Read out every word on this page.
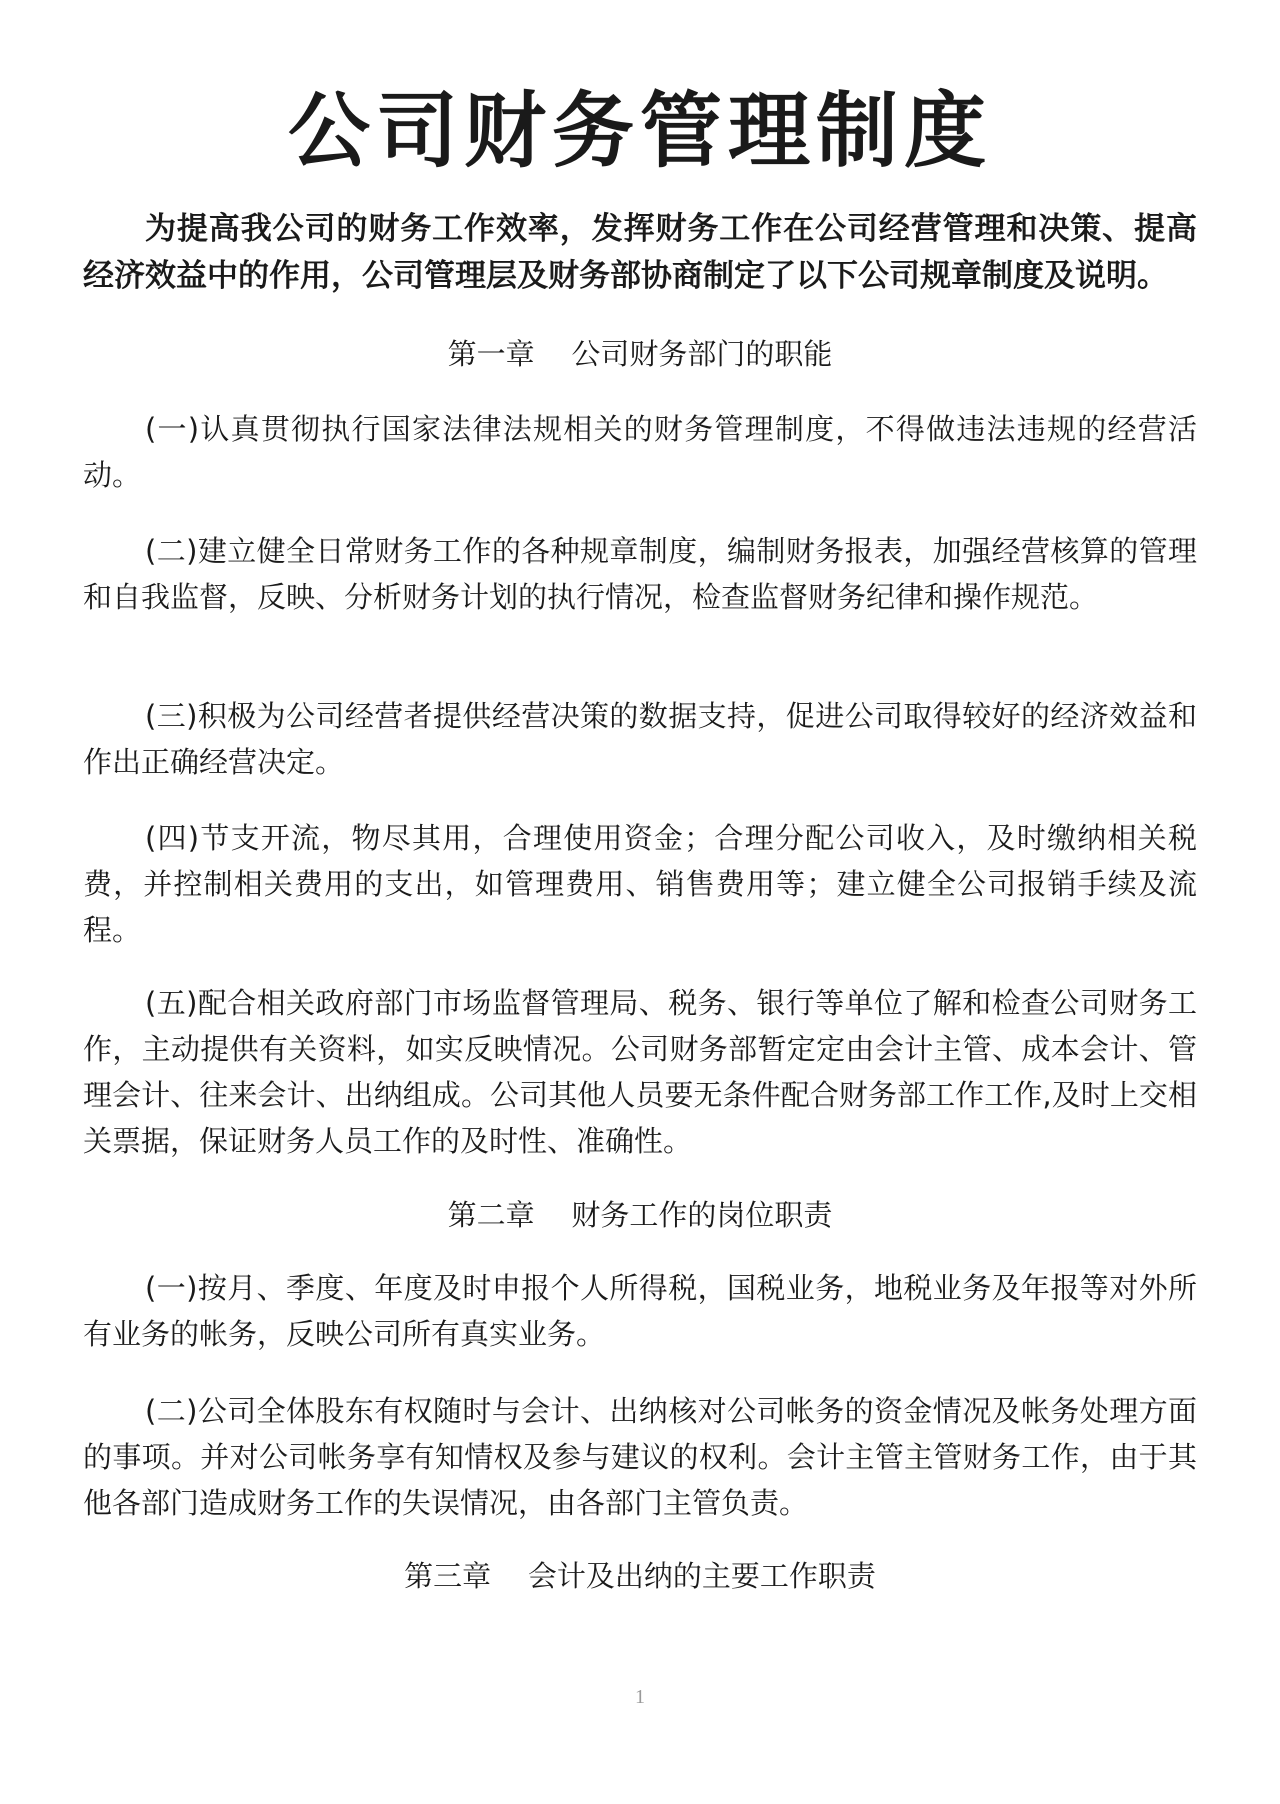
公司财务管理制度

为提高我公司的财务工作效率，发挥财务工作在公司经营管理和决策、提高经济效益中的作用，公司管理层及财务部协商制定了以下公司规章制度及说明。

第一章    公司财务部门的职能

(一)认真贯彻执行国家法律法规相关的财务管理制度，不得做违法违规的经营活动。

(二)建立健全日常财务工作的各种规章制度，编制财务报表，加强经营核算的管理和自我监督，反映、分析财务计划的执行情况，检查监督财务纪律和操作规范。

(三)积极为公司经营者提供经营决策的数据支持，促进公司取得较好的经济效益和作出正确经营决定。

(四)节支开流，物尽其用，合理使用资金；合理分配公司收入，及时缴纳相关税费，并控制相关费用的支出，如管理费用、销售费用等；建立健全公司报销手续及流程。

(五)配合相关政府部门市场监督管理局、税务、银行等单位了解和检查公司财务工作，主动提供有关资料，如实反映情况。公司财务部暂定定由会计主管、成本会计、管理会计、往来会计、出纳组成。公司其他人员要无条件配合财务部工作工作,及时上交相关票据，保证财务人员工作的及时性、准确性。

第二章    财务工作的岗位职责

(一)按月、季度、年度及时申报个人所得税，国税业务，地税业务及年报等对外所有业务的帐务，反映公司所有真实业务。

(二)公司全体股东有权随时与会计、出纳核对公司帐务的资金情况及帐务处理方面的事项。并对公司帐务享有知情权及参与建议的权利。会计主管主管财务工作，由于其他各部门造成财务工作的失误情况，由各部门主管负责。

第三章    会计及出纳的主要工作职责

1
